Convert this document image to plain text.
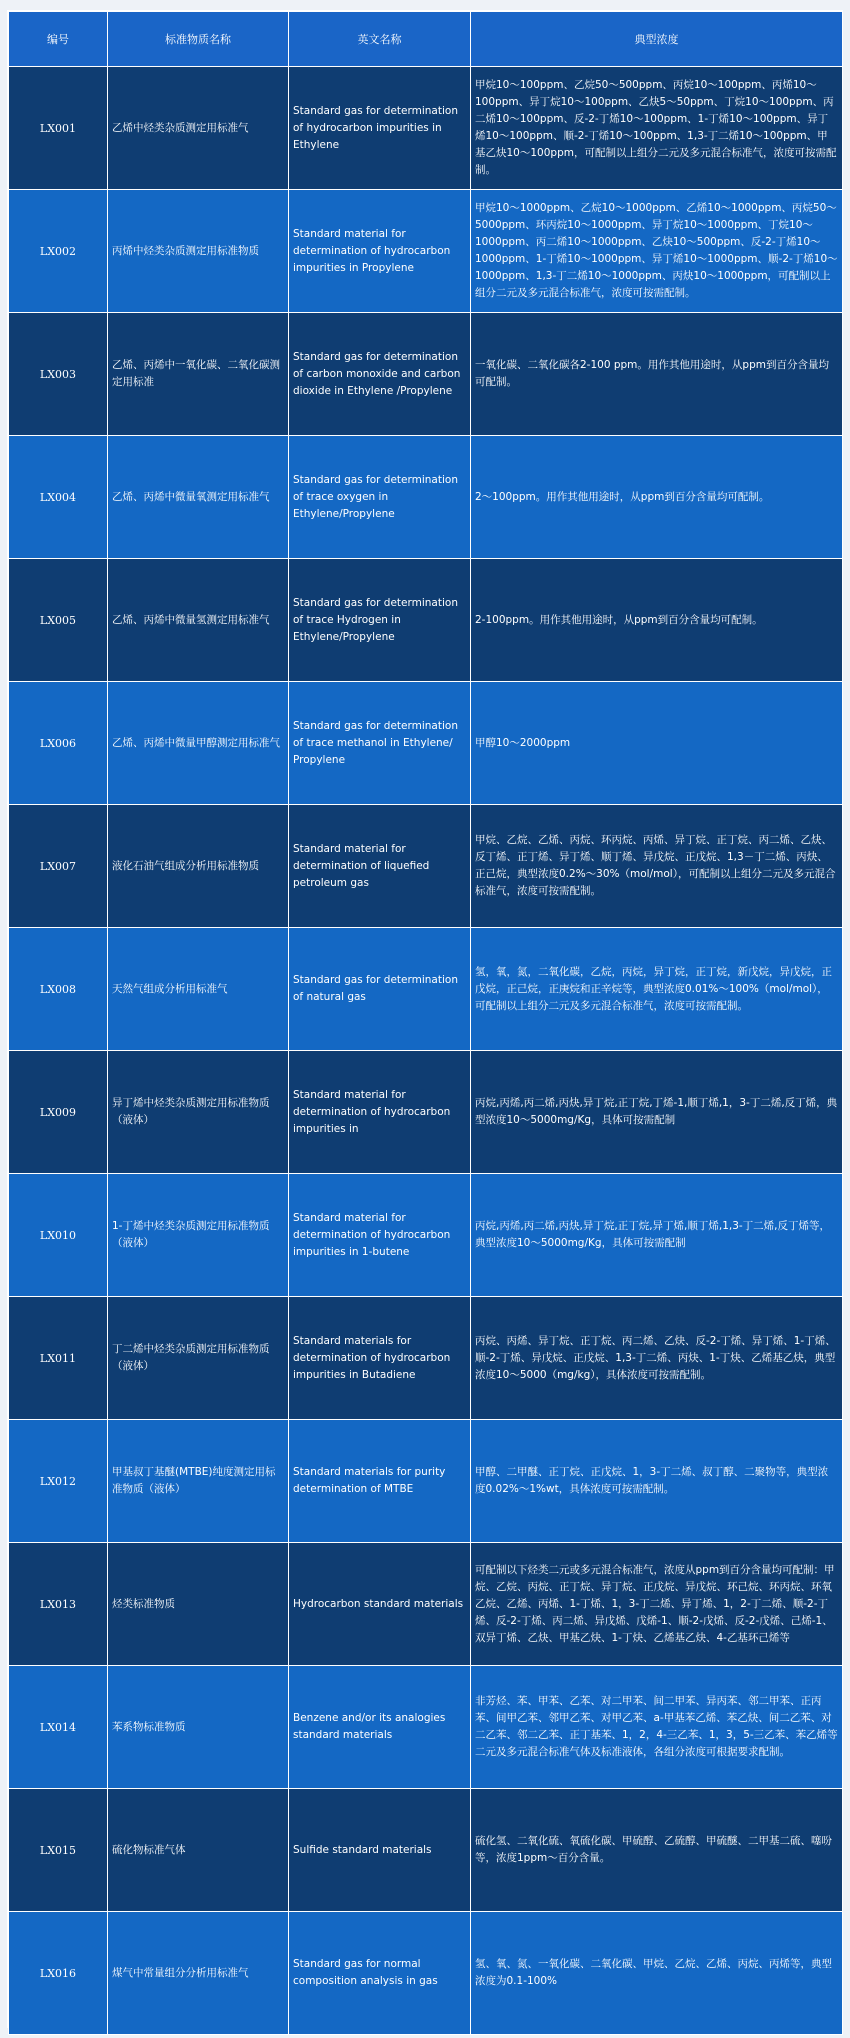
编号	标准物质名称	英文名称	典型浓度
LX001	乙烯中烃类杂质测定用标准气	Standard gas for determination of hydrocarbon impurities in Ethylene	甲烷10～100ppm、乙烷50～500ppm、丙烷10～100ppm、丙烯10～100ppm、异丁烷10～100ppm、乙炔5～50ppm、丁烷10～100ppm、丙二烯10～100ppm、反-2-丁烯10～100ppm、1-丁烯10～100ppm、异丁烯10～100ppm、顺-2-丁烯10～100ppm、1,3-丁二烯10～100ppm、甲基乙炔10～100ppm，可配制以上组分二元及多元混合标准气，浓度可按需配制。
LX002	丙烯中烃类杂质测定用标准物质	Standard material for determination of hydrocarbon impurities in Propylene	甲烷10～1000ppm、乙烷10～1000ppm、乙烯10～1000ppm、丙烷50～5000ppm、环丙烷10～1000ppm、异丁烷10～1000ppm、丁烷10～1000ppm、丙二烯10～1000ppm、乙炔10～500ppm、反-2-丁烯10～1000ppm、1-丁烯10～1000ppm、异丁烯10～1000ppm、顺-2-丁烯10～1000ppm、1,3-丁二烯10～1000ppm、丙炔10～1000ppm，可配制以上组分二元及多元混合标准气，浓度可按需配制。
LX003	乙烯、丙烯中一氧化碳、二氧化碳测定用标准	Standard gas for determination of carbon monoxide and carbon dioxide in Ethylene /Propylene	一氧化碳、二氧化碳各2-100 ppm。用作其他用途时，从ppm到百分含量均可配制。
LX004	乙烯、丙烯中微量氧测定用标准气	Standard gas for determination of trace oxygen in Ethylene/Propylene	2～100ppm。用作其他用途时，从ppm到百分含量均可配制。
LX005	乙烯、丙烯中微量氢测定用标准气	Standard gas for determination of trace Hydrogen in Ethylene/Propylene	2-100ppm。用作其他用途时，从ppm到百分含量均可配制。
LX006	乙烯、丙烯中微量甲醇测定用标准气	Standard gas for determination of trace methanol in Ethylene/ Propylene	甲醇10～2000ppm
LX007	液化石油气组成分析用标准物质	Standard material for determination of liquefied petroleum gas	甲烷、乙烷、乙烯、丙烷、环丙烷、丙烯、异丁烷、正丁烷、丙二烯、乙炔、反丁烯、正丁烯、异丁烯、顺丁烯、异戊烷、正戊烷、1,3－丁二烯、丙炔、正己烷，典型浓度0.2%～30%（mol/mol），可配制以上组分二元及多元混合标准气，浓度可按需配制。
LX008	天然气组成分析用标准气	Standard gas for determination of natural gas	氢，氧，氮，二氧化碳，乙烷，丙烷，异丁烷，正丁烷，新戊烷，异戊烷，正戊烷，正己烷，正庚烷和正辛烷等，典型浓度0.01%～100%（mol/mol），可配制以上组分二元及多元混合标准气，浓度可按需配制。
LX009	异丁烯中烃类杂质测定用标准物质（液体）	Standard material for determination of hydrocarbon impurities in	丙烷,丙烯,丙二烯,丙炔,异丁烷,正丁烷,丁烯-1,顺丁烯,1，3-丁二烯,反丁烯，典型浓度10～5000mg/Kg，具体可按需配制
LX010	1-丁烯中烃类杂质测定用标准物质（液体）	Standard material for determination of hydrocarbon impurities in 1-butene	丙烷,丙烯,丙二烯,丙炔,异丁烷,正丁烷,异丁烯,顺丁烯,1,3-丁二烯,反丁烯等，典型浓度10～5000mg/Kg，具体可按需配制
LX011	丁二烯中烃类杂质测定用标准物质（液体）	Standard materials for determination of hydrocarbon impurities in Butadiene	丙烷、丙烯、异丁烷、正丁烷、丙二烯、乙炔、反-2-丁烯、异丁烯、1-丁烯、顺-2-丁烯、异戊烷、正戊烷、1,3-丁二烯、丙炔、1-丁炔、乙烯基乙炔，典型浓度10～5000（mg/kg），具体浓度可按需配制。
LX012	甲基叔丁基醚(MTBE)纯度测定用标准物质（液体）	Standard materials for purity determination of MTBE	甲醇、二甲醚、正丁烷、正戊烷、1，3-丁二烯、叔丁醇、二聚物等，典型浓度0.02%～1%wt，具体浓度可按需配制。
LX013	烃类标准物质	Hydrocarbon standard materials	可配制以下烃类二元或多元混合标准气，浓度从ppm到百分含量均可配制：甲烷、乙烷、丙烷、正丁烷、异丁烷、正戊烷、异戊烷、环己烷、环丙烷、环氧乙烷、乙烯、丙烯、1-丁烯、1，3-丁二烯、异丁烯、1，2-丁二烯、顺-2-丁烯、反-2-丁烯、丙二烯、异戊烯、戊烯-1、顺-2-戊烯、反-2-戊烯、己烯-1、双异丁烯、乙炔、甲基乙炔、1-丁炔、乙烯基乙炔、4-乙基环己烯等
LX014	苯系物标准物质	Benzene and/or its analogies standard materials	非芳烃、苯、甲苯、乙苯、对二甲苯、间二甲苯、异丙苯、邻二甲苯、正丙苯、间甲乙苯、邻甲乙苯、对甲乙苯、a-甲基苯乙烯、苯乙炔、间二乙苯、对二乙苯、邻二乙苯、正丁基苯、1，2，4-三乙苯、1，3，5-三乙苯、苯乙烯等二元及多元混合标准气体及标准液体，各组分浓度可根据要求配制。
LX015	硫化物标准气体	Sulfide standard materials	硫化氢、二氧化硫、氧硫化碳、甲硫醇、乙硫醇、甲硫醚、二甲基二硫、噻吩等，浓度1ppm～百分含量。
LX016	煤气中常量组分分析用标准气	Standard gas for normal composition analysis in gas	氢、氧、氮、一氧化碳、二氧化碳、甲烷、乙烷、乙烯、丙烷、丙烯等，典型浓度为0.1-100%
